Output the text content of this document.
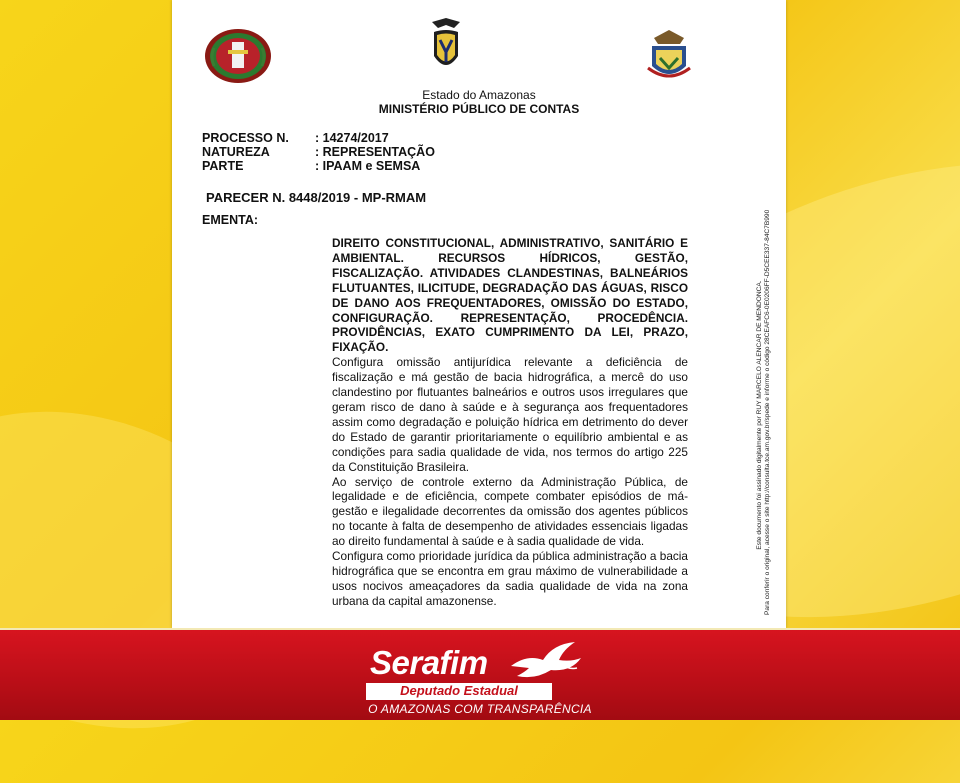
Estado do Amazonas
MINISTÉRIO PÚBLICO DE CONTAS
PROCESSO N.	: 14274/2017
NATUREZA	: REPRESENTAÇÃO
PARTE	: IPAAM e SEMSA
PARECER N. 8448/2019 - MP-RMAM
EMENTA:

DIREITO CONSTITUCIONAL, ADMINISTRATIVO, SANITÁRIO E AMBIENTAL. RECURSOS HÍDRICOS, GESTÃO, FISCALIZAÇÃO. ATIVIDADES CLANDESTINAS, BALNEÁRIOS FLUTUANTES, ILICITUDE, DEGRADAÇÃO DAS ÁGUAS, RISCO DE DANO AOS FREQUENTADORES, OMISSÃO DO ESTADO, CONFIGURAÇÃO. REPRESENTAÇÃO, PROCEDÊNCIA. PROVIDÊNCIAS, EXATO CUMPRIMENTO DA LEI, PRAZO, FIXAÇÃO.

Configura omissão antijurídica relevante a deficiência de fiscalização e má gestão de bacia hidrográfica, a mercê do uso clandestino por flutuantes balneários e outros usos irregulares que geram risco de dano à saúde e à segurança aos frequentadores assim como degradação e poluição hídrica em detrimento do dever do Estado de garantir prioritariamente o equilíbrio ambiental e as condições para sadia qualidade de vida, nos termos do artigo 225 da Constituição Brasileira.

Ao serviço de controle externo da Administração Pública, de legalidade e de eficiência, compete combater episódios de má-gestão e ilegalidade decorrentes da omissão dos agentes públicos no tocante à falta de desempenho de atividades essenciais ligadas ao direito fundamental à saúde e à sadia qualidade de vida.

Configura como prioridade jurídica da pública administração a bacia hidrográfica que se encontra em grau máximo de vulnerabilidade a usos nocivos ameaçadores da sadia qualidade de vida na zona urbana da capital amazonense.

Este documento foi assinado digitalmente por RUY MARCELO ALENCAR DE MENDONCA. Para conferir o original, acesse o site http://consulta.tce.am.gov.br/spede e informe o código 28CEAFC6-0E0206FF-D5CEE337-84C7B990
Serafim
Deputado Estadual
O AMAZONAS COM TRANSPARÊNCIA
